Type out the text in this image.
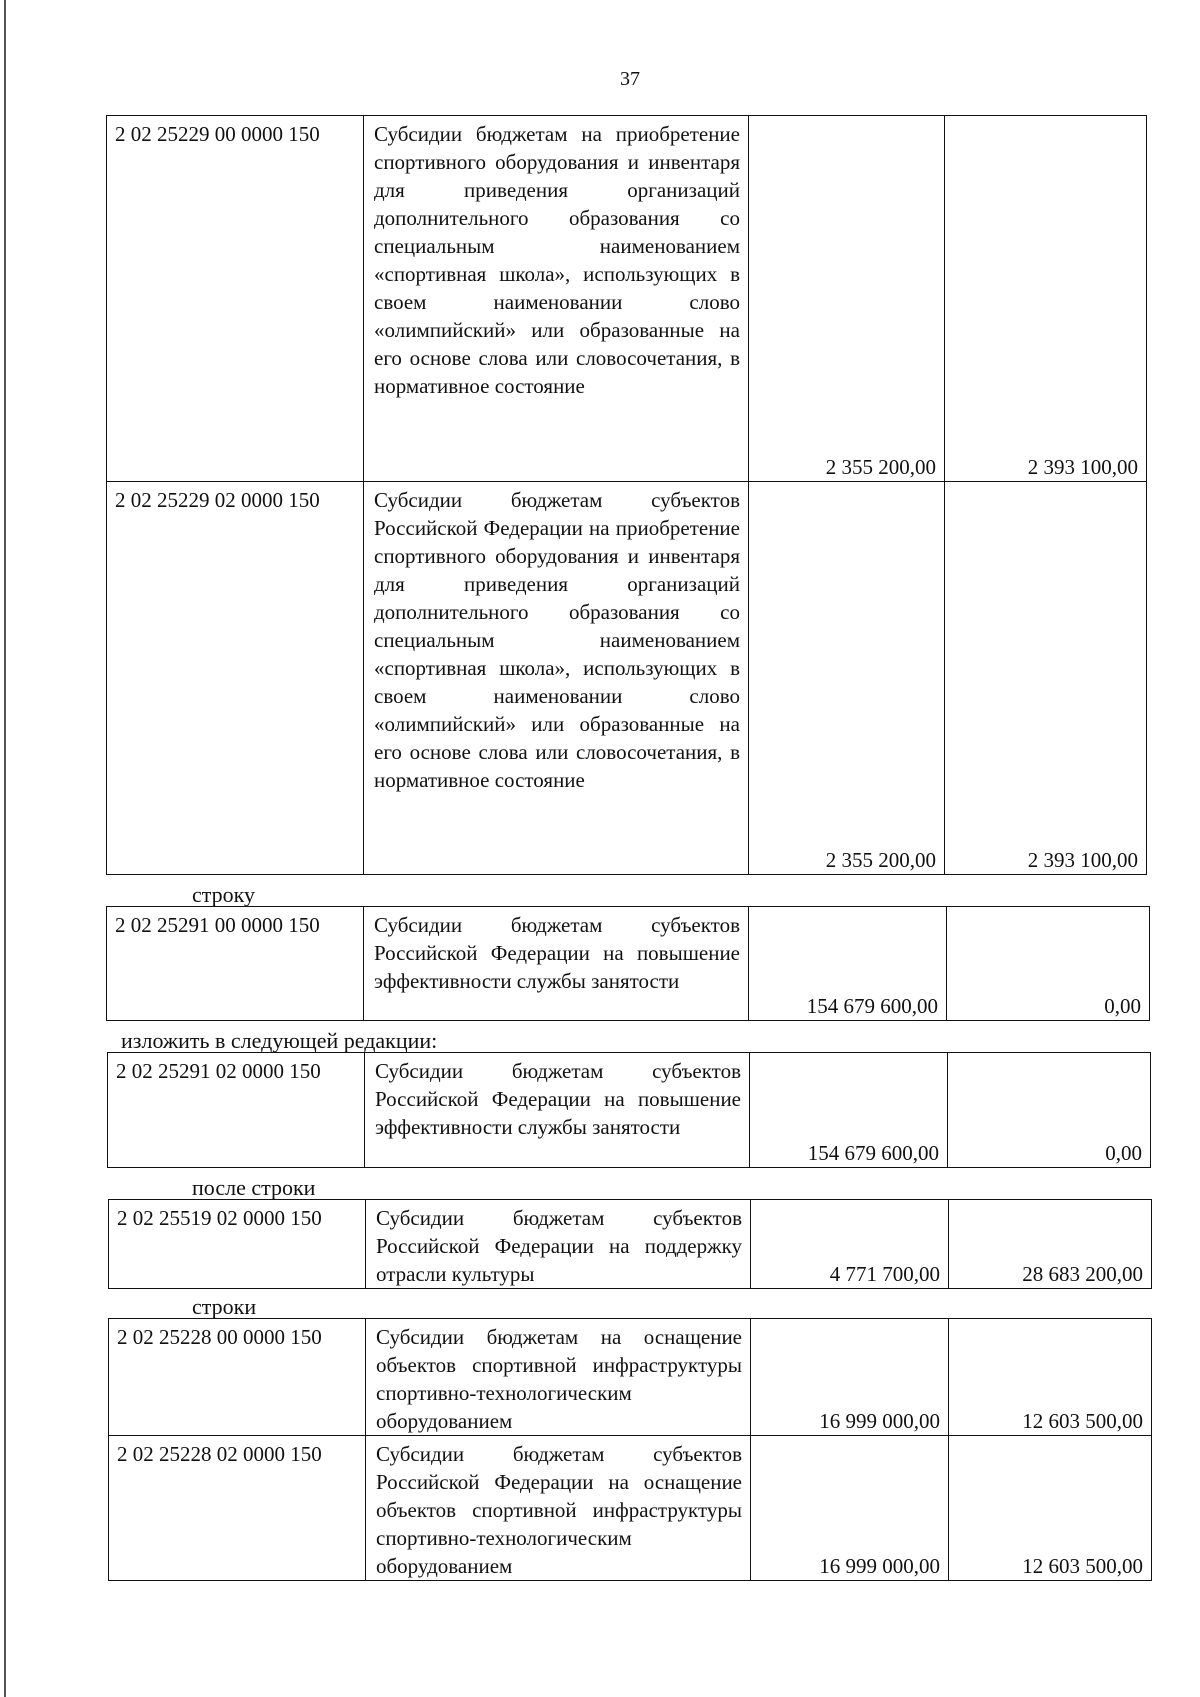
37
2 02 25229 00 0000 150	Субсидии бюджетам на приобретение спортивного оборудования и инвентаря для приведения организаций дополнительного образования со специальным наименованием «спортивная школа», использующих в своем наименовании слово «олимпийский» или образованные на его основе слова или словосочетания, в нормативное состояние	2 355 200,00	2 393 100,00
2 02 25229 02 0000 150	Субсидии бюджетам субъектов Российской Федерации на приобретение спортивного оборудования и инвентаря для приведения организаций дополнительного образования со специальным наименованием «спортивная школа», использующих в своем наименовании слово «олимпийский» или образованные на его основе слова или словосочетания, в нормативное состояние	2 355 200,00	2 393 100,00
строку
2 02 25291 00 0000 150	Субсидии бюджетам субъектов Российской Федерации на повышение эффективности службы занятости	154 679 600,00	0,00
изложить в следующей редакции:
2 02 25291 02 0000 150	Субсидии бюджетам субъектов Российской Федерации на повышение эффективности службы занятости	154 679 600,00	0,00
после строки
2 02 25519 02 0000 150	Субсидии бюджетам субъектов Российской Федерации на поддержку отрасли культуры	4 771 700,00	28 683 200,00
строки
2 02 25228 00 0000 150	Субсидии бюджетам на оснащение объектов спортивной инфраструктуры спортивно-технологическим оборудованием	16 999 000,00	12 603 500,00
2 02 25228 02 0000 150	Субсидии бюджетам субъектов Российской Федерации на оснащение объектов спортивной инфраструктуры спортивно-технологическим оборудованием	16 999 000,00	12 603 500,00
